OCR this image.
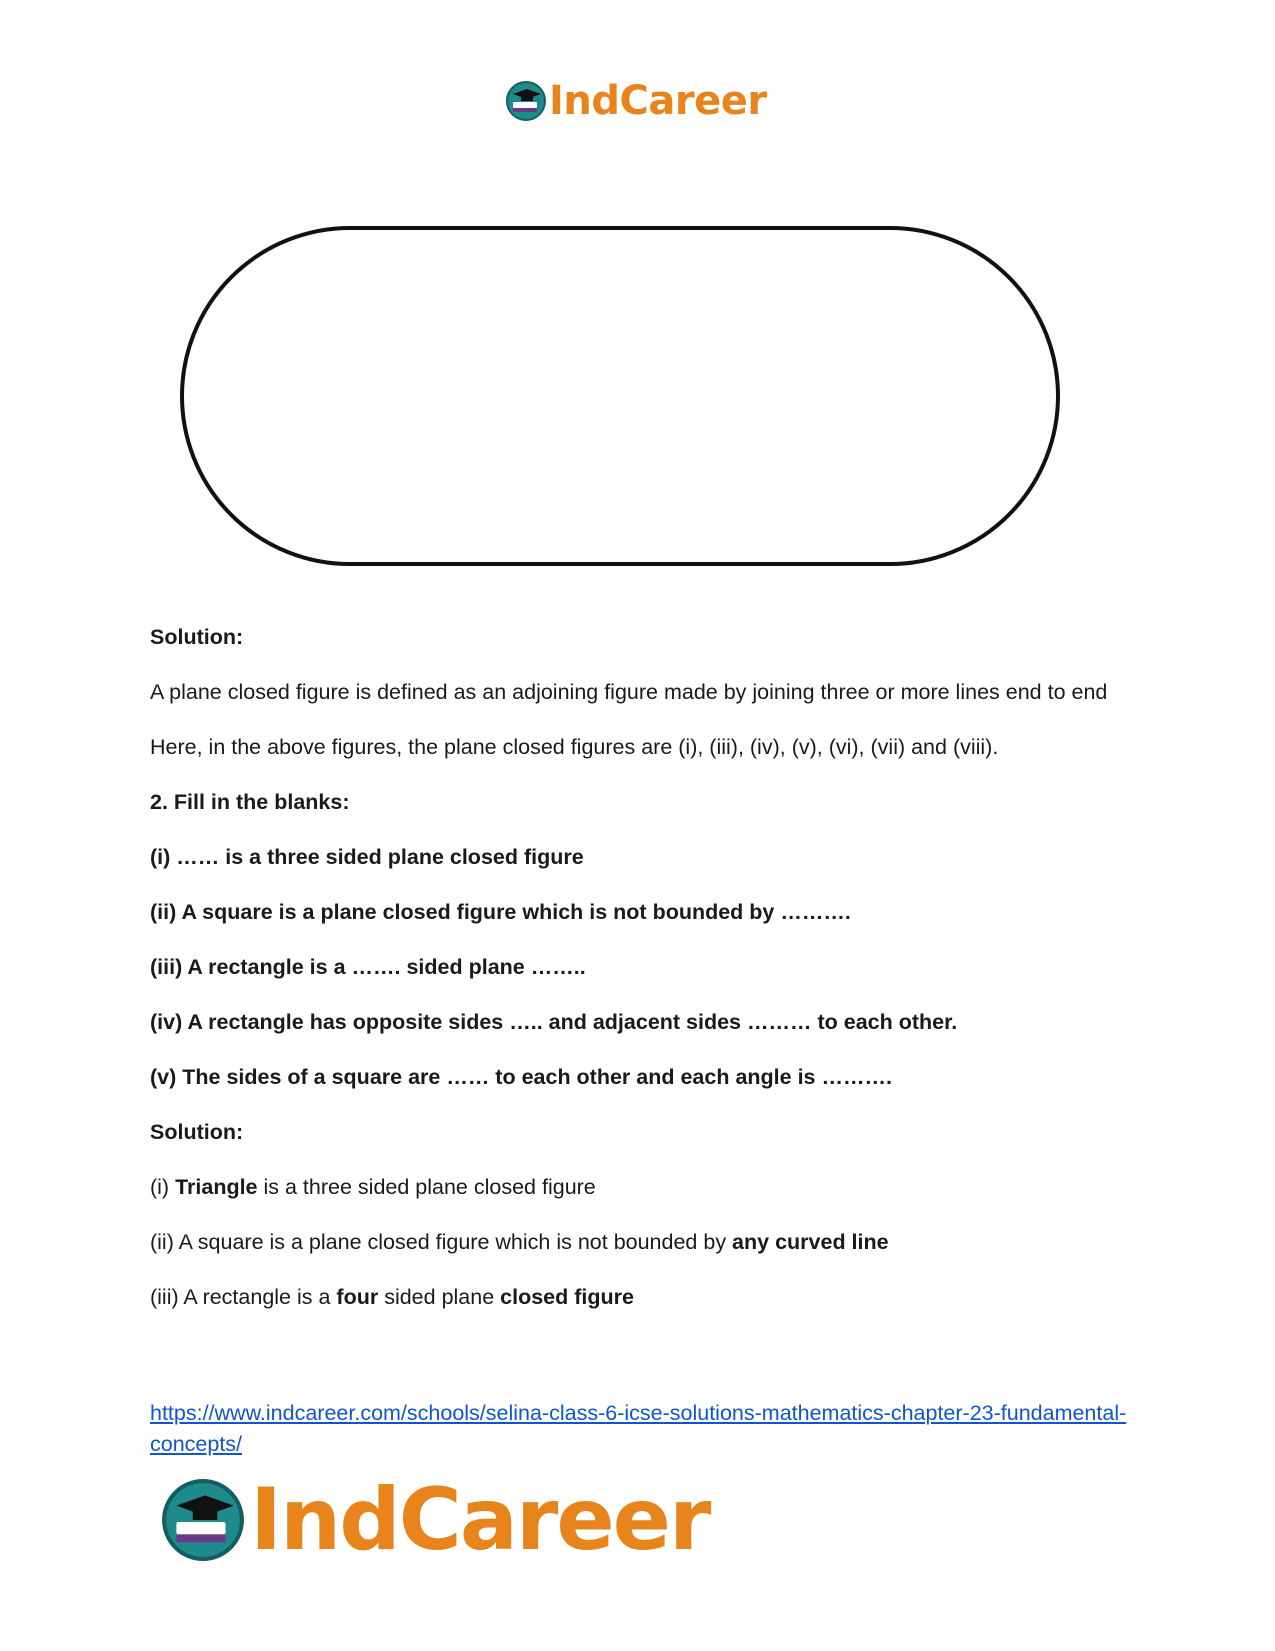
IndCareer

Solution:

A plane closed figure is defined as an adjoining figure made by joining three or more lines end to end

Here, in the above figures, the plane closed figures are (i), (iii), (iv), (v), (vi), (vii) and (viii).

2. Fill in the blanks:

(i) …… is a three sided plane closed figure

(ii) A square is a plane closed figure which is not bounded by ……….

(iii) A rectangle is a ……. sided plane ……..

(iv) A rectangle has opposite sides ….. and adjacent sides ……… to each other.

(v) The sides of a square are …… to each other and each angle is ……….

Solution:

(i) Triangle is a three sided plane closed figure

(ii) A square is a plane closed figure which is not bounded by any curved line

(iii) A rectangle is a four sided plane closed figure

https://www.indcareer.com/schools/selina-class-6-icse-solutions-mathematics-chapter-23-fundamental-concepts/
IndCareer
